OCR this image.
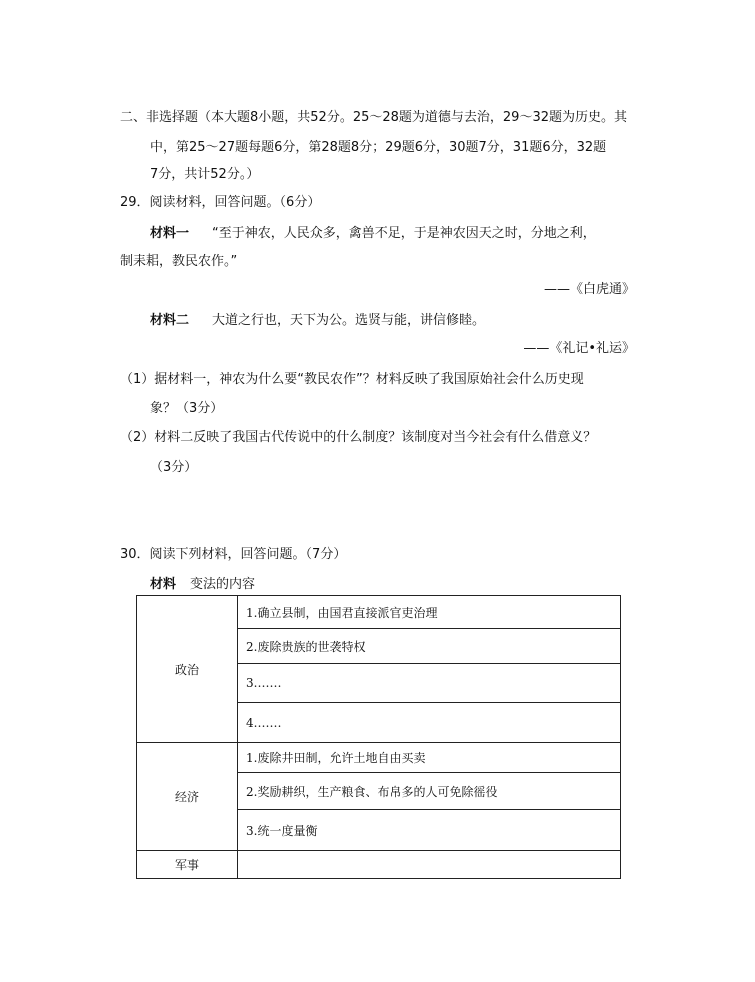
二、非选择题（本大题8小题，共52分。25～28题为道德与去治，29～32题为历史。其
中，第25～27题每题6分，第28题8分；29题6分，30题7分，31题6分，32题
7分，共计52分。）
29．阅读材料，回答问题。（6分）
材料一 “至于神农，人民众多，禽兽不足，于是神农因天之时，分地之利，
制耒耜，教民农作。”
——《白虎通》
材料二 大道之行也，天下为公。选贤与能，讲信修睦。
——《礼记•礼运》
（1）据材料一，神农为什么要“教民农作”？材料反映了我国原始社会什么历史现
象？（3分）
（2）材料二反映了我国古代传说中的什么制度？该制度对当今社会有什么借意义？
（3分）
30．阅读下列材料，回答问题。（7分）
材料 变法的内容
政治	1.确立县制，由国君直接派官吏治理
	2.废除贵族的世袭特权
	3.……
	4.……
经济	1.废除井田制，允许土地自由买卖
	2.奖励耕织，生产粮食、布帛多的人可免除徭役
	3.统一度量衡
军事	
